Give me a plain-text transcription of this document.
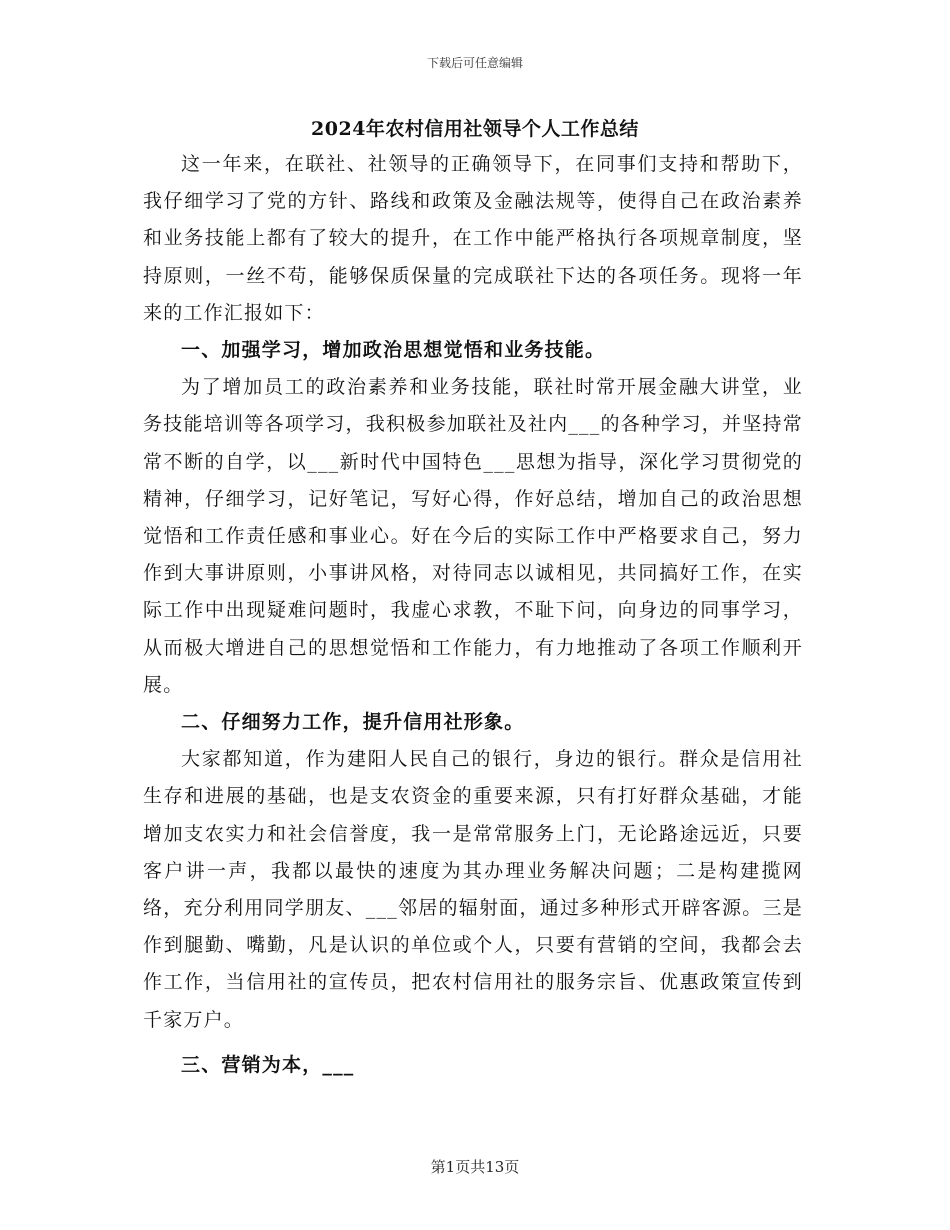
下载后可任意编辑
2024年农村信用社领导个人工作总结

这一年来，在联社、社领导的正确领导下，在同事们支持和帮助下，我仔细学习了党的方针、路线和政策及金融法规等，使得自己在政治素养和业务技能上都有了较大的提升，在工作中能严格执行各项规章制度，坚持原则，一丝不苟，能够保质保量的完成联社下达的各项任务。现将一年来的工作汇报如下：

一、加强学习，增加政治思想觉悟和业务技能。

为了增加员工的政治素养和业务技能，联社时常开展金融大讲堂，业务技能培训等各项学习，我积极参加联社及社内___的各种学习，并坚持常常不断的自学，以___新时代中国特色___思想为指导，深化学习贯彻党的精神，仔细学习，记好笔记，写好心得，作好总结，增加自己的政治思想觉悟和工作责任感和事业心。好在今后的实际工作中严格要求自己，努力作到大事讲原则，小事讲风格，对待同志以诚相见，共同搞好工作，在实际工作中出现疑难问题时，我虚心求教，不耻下问，向身边的同事学习，从而极大增进自己的思想觉悟和工作能力，有力地推动了各项工作顺利开展。

二、仔细努力工作，提升信用社形象。

大家都知道，作为建阳人民自己的银行，身边的银行。群众是信用社生存和进展的基础，也是支农资金的重要来源，只有打好群众基础，才能增加支农实力和社会信誉度，我一是常常服务上门，无论路途远近，只要客户讲一声，我都以最快的速度为其办理业务解决问题；二是构建揽网络，充分利用同学朋友、___邻居的辐射面，通过多种形式开辟客源。三是作到腿勤、嘴勤，凡是认识的单位或个人，只要有营销的空间，我都会去作工作，当信用社的宣传员，把农村信用社的服务宗旨、优惠政策宣传到千家万户。

三、营销为本，___

第1页共13页
